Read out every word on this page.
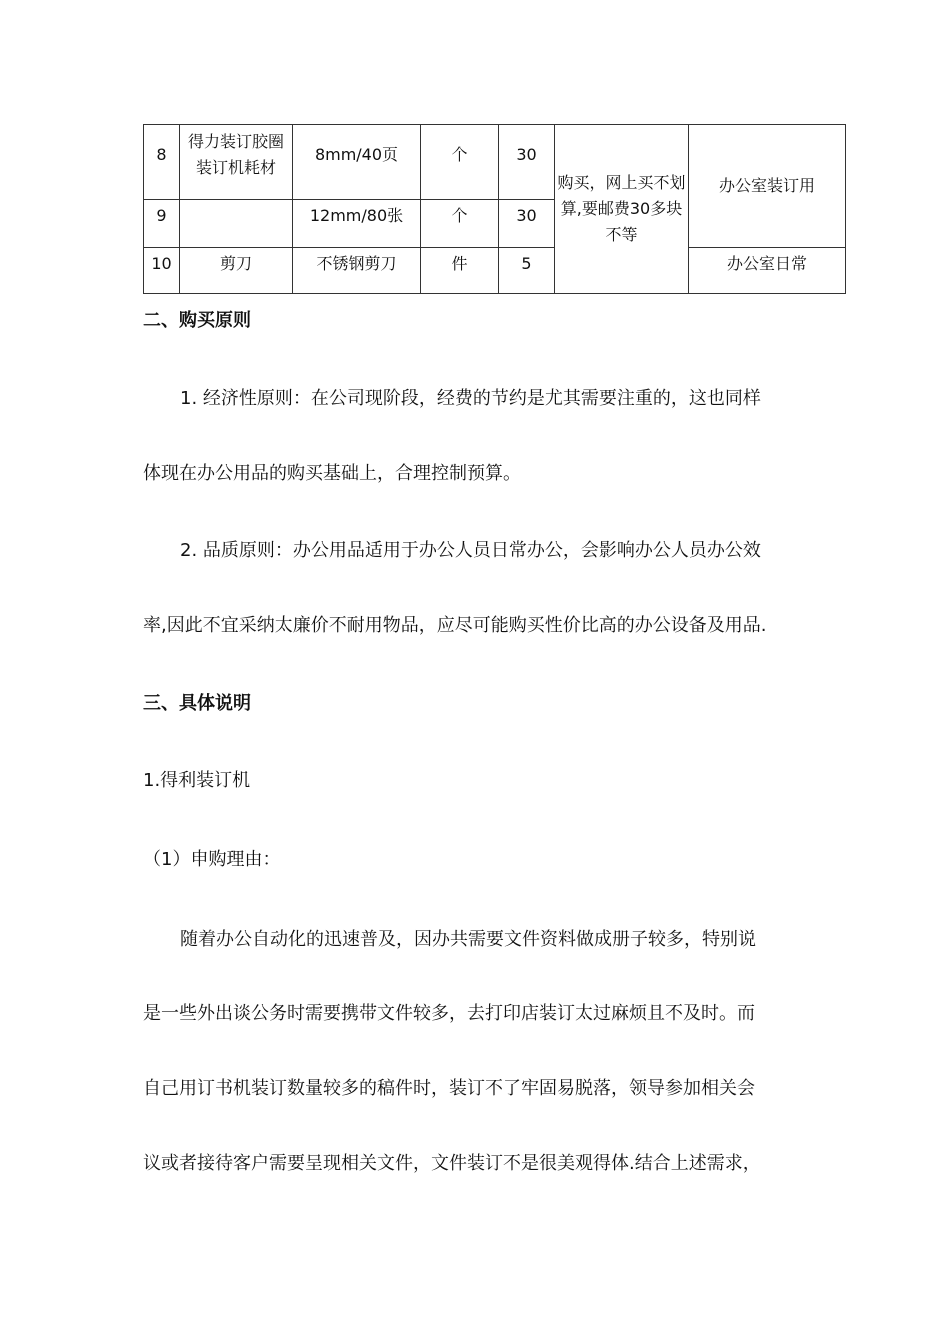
8	得力装订胶圈装订机耗材	8mm/40页	个	30	购买，网上买不划算,要邮费30多块不等	办公室装订用
9		12mm/80张	个	30		
10	剪刀	不锈钢剪刀	件	5		办公室日常

二、购买原则

1. 经济性原则：在公司现阶段，经费的节约是尤其需要注重的，这也同样

体现在办公用品的购买基础上，合理控制预算。

2. 品质原则：办公用品适用于办公人员日常办公，会影响办公人员办公效

率,因此不宜采纳太廉价不耐用物品，应尽可能购买性价比高的办公设备及用品.

三、具体说明

1.得利装订机

（1）申购理由：

随着办公自动化的迅速普及，因办共需要文件资料做成册子较多，特别说

是一些外出谈公务时需要携带文件较多，去打印店装订太过麻烦且不及时。而

自己用订书机装订数量较多的稿件时，装订不了牢固易脱落，领导参加相关会

议或者接待客户需要呈现相关文件，文件装订不是很美观得体.结合上述需求，
